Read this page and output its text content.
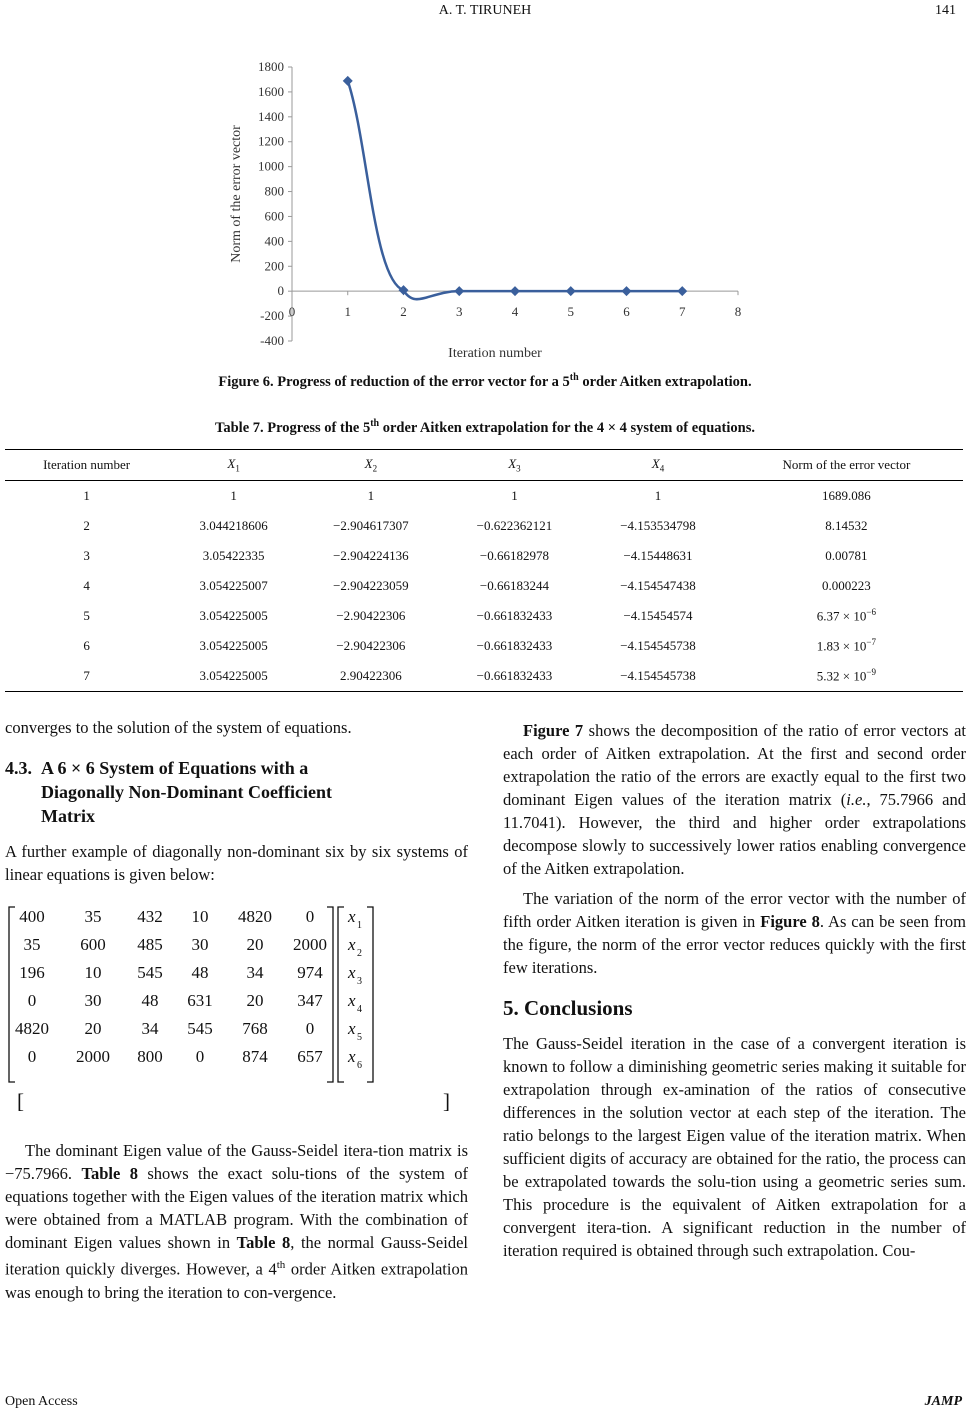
A. T. TIRUNEH	141
1800
1600
1400
1200
1000
800
600
400
200
0
-200
-400
0	1	2	3	4	5	6	7	8
Iteration number
Norm of the error vector
Figure 6. Progress of reduction of the error vector for a 5th order Aitken extrapolation.
Table 7. Progress of the 5th order Aitken extrapolation for the 4 × 4 system of equations.
Iteration number	$X_1$	$X_2$	$X_3$	$X_4$	Norm of the error vector
1	1	1	1	1	1689.086
2	3.044218606	−2.904617307	−0.622362121	−4.153534798	8.14532
3	3.05422335	−2.904224136	−0.66182978	−4.15448631	0.00781
4	3.054225007	−2.904223059	−0.66183244	−4.154547438	0.000223
5	3.054225005	−2.90422306	−0.661832433	−4.15454574	$6.37 \times 10^{-6}$
6	3.054225005	−2.90422306	−0.661832433	−4.154545738	$1.83 \times 10^{-7}$
7	3.054225005	2.90422306	−0.661832433	−4.154545738	$5.32 \times 10^{-9}$

converges to the solution of the system of equations.

4.3. A 6 × 6 System of Equations with a Diagonally Non-Dominant Coefficient Matrix

A further example of diagonally non-dominant six by six systems of linear equations is given below:

400 35 432 10 4820 0 x 1
35 600 485 30 20 2000 x 2
196 10 545 48 34 974 x 3
0	30 48 631 20 347 x 4
4820 20 34 545 768 0 x 5
0 2000 800 0 874 657 x 6

The dominant Eigen value of the Gauss-Seidel itera-tion matrix is −75.7966. Table 8 shows the exact solu-tions of the system of equations together with the Eigen values of the iteration matrix which were obtained from a MATLAB program. With the combination of dominant Eigen values shown in Table 8, the normal Gauss-Seidel iteration quickly diverges. However, a 4th order Aitken extrapolation was enough to bring the iteration to con-vergence.

Figure 7 shows the decomposition of the ratio of error vectors at each order of Aitken extrapolation. At the first and second order extrapolation the ratio of the errors are exactly equal to the first two dominant Eigen values of the iteration matrix (i.e., 75.7966 and 11.7041). However, the third and higher order extrapolations decompose slowly to successively lower ratios enabling convergence of the Aitken extrapolation.

The variation of the norm of the error vector with the number of fifth order Aitken iteration is given in Figure 8. As can be seen from the figure, the norm of the error vector reduces quickly with the first few iterations.

5. Conclusions

The Gauss-Seidel iteration in the case of a convergent iteration is known to follow a diminishing geometric series making it suitable for extrapolation through ex-amination of the ratios of consecutive differences in the solution vector at each step of the iteration. The ratio belongs to the largest Eigen value of the iteration matrix. When sufficient digits of accuracy are obtained for the ratio, the process can be extrapolated towards the solu-tion using a geometric series sum. This procedure is the equivalent of Aitken extrapolation for a convergent itera-tion. A significant reduction in the number of iteration required is obtained through such extrapolation. Cou-

Open Access	JAMP
[	]
